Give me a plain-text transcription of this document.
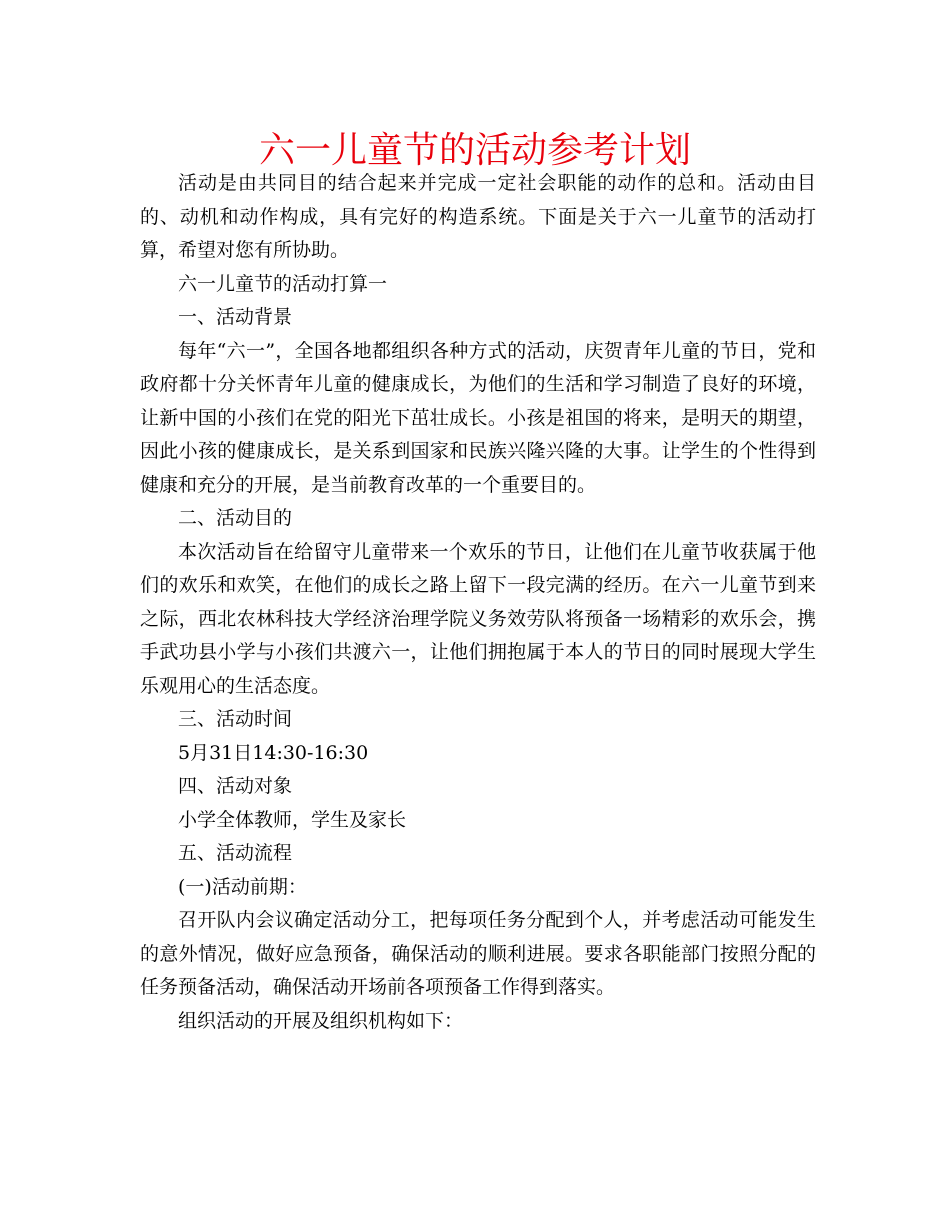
六一儿童节的活动参考计划

活动是由共同目的结合起来并完成一定社会职能的动作的总和。活动由目的、动机和动作构成，具有完好的构造系统。下面是关于六一儿童节的活动打算，希望对您有所协助。

六一儿童节的活动打算一

一、活动背景

每年“六一”，全国各地都组织各种方式的活动，庆贺青年儿童的节日，党和政府都十分关怀青年儿童的健康成长，为他们的生活和学习制造了良好的环境，让新中国的小孩们在党的阳光下茁壮成长。小孩是祖国的将来，是明天的期望，因此小孩的健康成长，是关系到国家和民族兴隆兴隆的大事。让学生的个性得到健康和充分的开展，是当前教育改革的一个重要目的。

二、活动目的

本次活动旨在给留守儿童带来一个欢乐的节日，让他们在儿童节收获属于他们的欢乐和欢笑，在他们的成长之路上留下一段完满的经历。在六一儿童节到来之际，西北农林科技大学经济治理学院义务效劳队将预备一场精彩的欢乐会，携手武功县小学与小孩们共渡六一，让他们拥抱属于本人的节日的同时展现大学生乐观用心的生活态度。

三、活动时间

5月31日14:30-16:30

四、活动对象

小学全体教师，学生及家长

五、活动流程

(一)活动前期：

召开队内会议确定活动分工，把每项任务分配到个人，并考虑活动可能发生的意外情况，做好应急预备，确保活动的顺利进展。要求各职能部门按照分配的任务预备活动，确保活动开场前各项预备工作得到落实。

组织活动的开展及组织机构如下：
